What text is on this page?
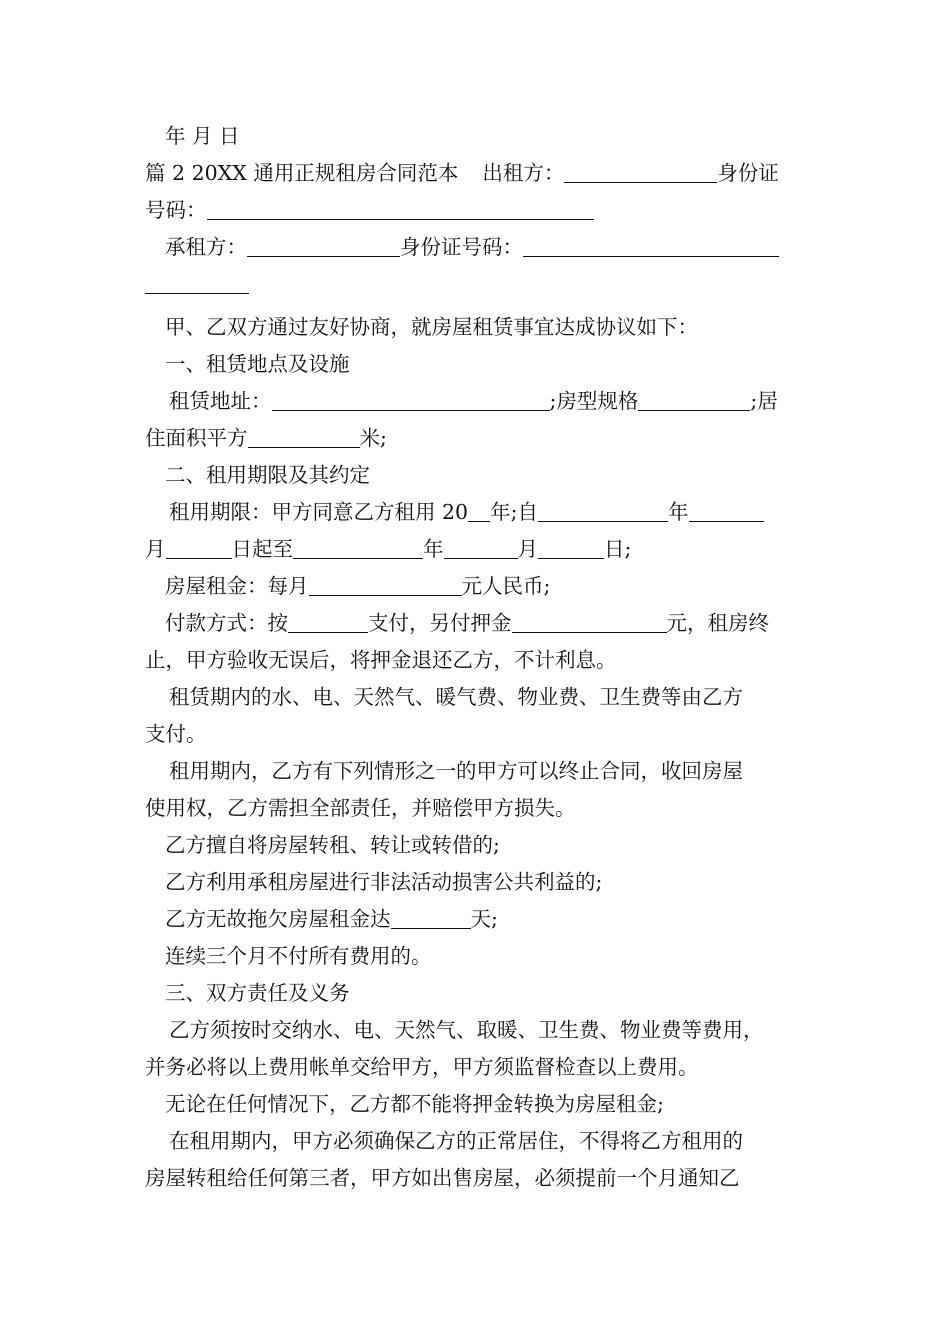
年 月 日
篇 2 20XX 通用正规租房合同范本 出租方：	身份证
号码：
承租方：	身份证号码：
甲、乙双方通过友好协商，就房屋租赁事宜达成协议如下：
一、租赁地点及设施
租赁地址：	;房型规格	;居
住面积平方	米;
二、租用期限及其约定
租用期限：甲方同意乙方租用 20 年;自	年
月	日起至	年	月	日;
房屋租金：每月	元人民币;
付款方式：按	支付，另付押金	元，租房终
止，甲方验收无误后，将押金退还乙方，不计利息。
租赁期内的水、电、天然气、暖气费、物业费、卫生费等由乙方
支付。
租用期内，乙方有下列情形之一的甲方可以终止合同，收回房屋
使用权，乙方需担全部责任，并赔偿甲方损失。
乙方擅自将房屋转租、转让或转借的;
乙方利用承租房屋进行非法活动损害公共利益的;
乙方无故拖欠房屋租金达	天;
连续三个月不付所有费用的。
三、双方责任及义务
乙方须按时交纳水、电、天然气、取暖、卫生费、物业费等费用，
并务必将以上费用帐单交给甲方，甲方须监督检查以上费用。
无论在任何情况下，乙方都不能将押金转换为房屋租金;
在租用期内，甲方必须确保乙方的正常居住，不得将乙方租用的
房屋转租给任何第三者，甲方如出售房屋，必须提前一个月通知乙
